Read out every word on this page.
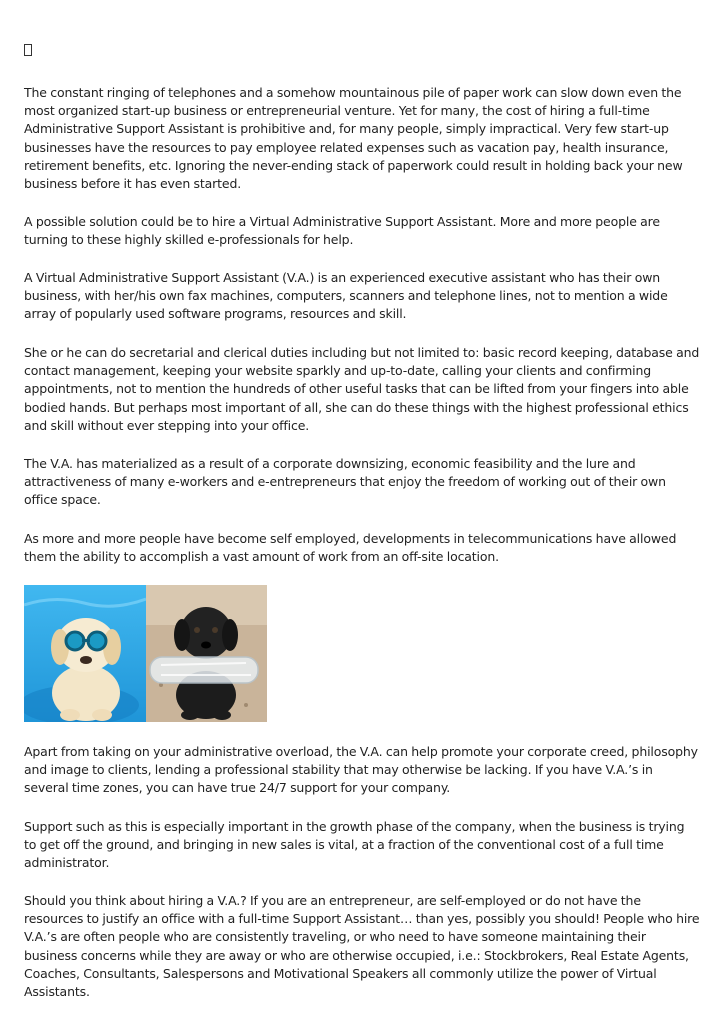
The constant ringing of telephones and a somehow mountainous pile of paper work can slow down even the most organized start-up business or entrepreneurial venture. Yet for many, the cost of hiring a full-time Administrative Support Assistant is prohibitive and, for many people, simply impractical. Very few start-up businesses have the resources to pay employee related expenses such as vacation pay, health insurance, retirement benefits, etc. Ignoring the never-ending stack of paperwork could result in holding back your new business before it has even started.

A possible solution could be to hire a Virtual Administrative Support Assistant. More and more people are turning to these highly skilled e-professionals for help.

A Virtual Administrative Support Assistant (V.A.) is an experienced executive assistant who has their own business, with her/his own fax machines, computers, scanners and telephone lines, not to mention a wide array of popularly used software programs, resources and skill.

She or he can do secretarial and clerical duties including but not limited to: basic record keeping, database and contact management, keeping your website sparkly and up-to-date, calling your clients and confirming appointments, not to mention the hundreds of other useful tasks that can be lifted from your fingers into able bodied hands. But perhaps most important of all, she can do these things with the highest professional ethics and skill without ever stepping into your office.

The V.A. has materialized as a result of a corporate downsizing, economic feasibility and the lure and attractiveness of many e-workers and e-entrepreneurs that enjoy the freedom of working out of their own office space.

As more and more people have become self employed, developments in telecommunications have allowed them the ability to accomplish a vast amount of work from an off-site location.

Apart from taking on your administrative overload, the V.A. can help promote your corporate creed, philosophy and image to clients, lending a professional stability that may otherwise be lacking. If you have V.A.’s in several time zones, you can have true 24/7 support for your company.

Support such as this is especially important in the growth phase of the company, when the business is trying to get off the ground, and bringing in new sales is vital, at a fraction of the conventional cost of a full time administrator.

Should you think about hiring a V.A.? If you are an entrepreneur, are self-employed or do not have the resources to justify an office with a full-time Support Assistant… than yes, possibly you should! People who hire V.A.’s are often people who are consistently traveling, or who need to have someone maintaining their business concerns while they are away or who are otherwise occupied, i.e.: Stockbrokers, Real Estate Agents, Coaches, Consultants, Salespersons and Motivational Speakers all commonly utilize the power of Virtual Assistants.
